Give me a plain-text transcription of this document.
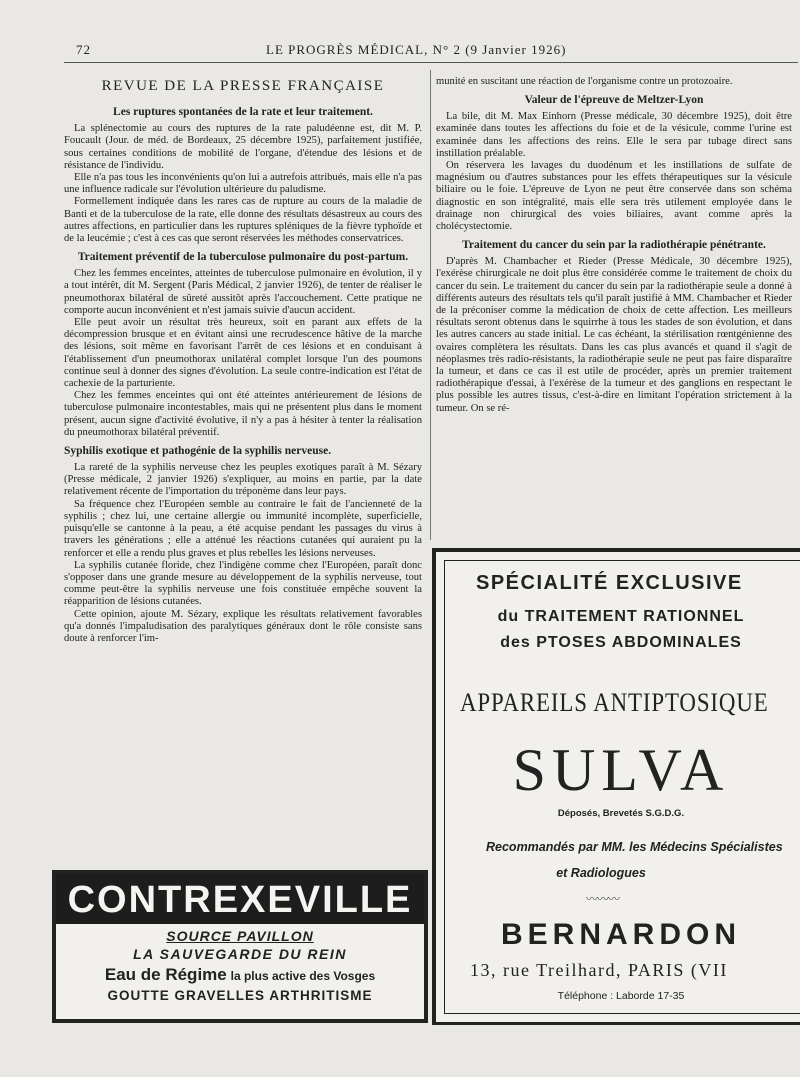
72	LE PROGRÈS MÉDICAL, N° 2 (9 Janvier 1926)
REVUE DE LA PRESSE FRANÇAISE
Les ruptures spontanées de la rate et leur traitement.

La splénectomie au cours des ruptures de la rate paludéenne est, dit M. P. Foucault (Jour. de méd. de Bordeaux, 25 décembre 1925), parfaitement justifiée, sous certaines conditions de mobilité de l'organe, d'étendue des lésions et de résistance de l'individu.

Elle n'a pas tous les inconvénients qu'on lui a autrefois attribués, mais elle n'a pas une influence radicale sur l'évolution ultérieure du paludisme.

Formellement indiquée dans les rares cas de rupture au cours de la maladie de Banti et de la tuberculose de la rate, elle donne des résultats désastreux au cours des autres affections, en particulier dans les ruptures spléniques de la fièvre typhoïde et de la leucémie ; c'est à ces cas que seront réservées les méthodes conservatrices.

Traitement préventif de la tuberculose pulmonaire du post-partum.

Chez les femmes enceintes, atteintes de tuberculose pulmonaire en évolution, il y a tout intérêt, dit M. Sergent (Paris Médical, 2 janvier 1926), de tenter de réaliser le pneumothorax bilatéral de sûreté aussitôt après l'accouchement. Cette pratique ne comporte aucun inconvénient et n'est jamais suivie d'aucun accident.

Elle peut avoir un résultat très heureux, soit en parant aux effets de la décompression brusque et en évitant ainsi une recrudescence hâtive de la marche des lésions, soit même en favorisant l'arrêt de ces lésions et en conduisant à l'établissement d'un pneumothorax unilatéral complet lorsque l'un des poumons continue seul à donner des signes d'évolution. La seule contre-indication est l'état de cachexie de la parturiente.

Chez les femmes enceintes qui ont été atteintes antérieurement de lésions de tuberculose pulmonaire incontestables, mais qui ne présentent plus dans le moment présent, aucun signe d'activité évolutive, il n'y a pas à hésiter à tenter la réalisation du pneumothorax bilatéral préventif.

Syphilis exotique et pathogénie de la syphilis nerveuse.

La rareté de la syphilis nerveuse chez les peuples exotiques paraît à M. Sézary (Presse médicale, 2 janvier 1926) s'expliquer, au moins en partie, par la date relativement récente de l'importation du tréponème dans leur pays.

Sa fréquence chez l'Européen semble au contraire le fait de l'ancienneté de la syphilis ; chez lui, une certaine allergie ou immunité incomplète, superficielle, puisqu'elle se cantonne à la peau, a été acquise pendant les passages du virus à travers les générations ; elle a atténué les réactions cutanées qui auraient pu la renforcer et elle a rendu plus graves et plus rebelles les lésions nerveuses.

La syphilis cutanée floride, chez l'indigène comme chez l'Européen, paraît donc s'opposer dans une grande mesure au développement de la syphilis nerveuse, tout comme peut-être la syphilis nerveuse une fois constituée empêche souvent la réapparition de lésions cutanées.

Cette opinion, ajoute M. Sézary, explique les résultats relativement favorables qu'a donnés l'impaludisation des paralytiques généraux dont le rôle consiste sans doute à renforcer l'im-

munité en suscitant une réaction de l'organisme contre un protozoaire.

Valeur de l'épreuve de Meltzer-Lyon

La bile, dit M. Max Einhorn (Presse médicale, 30 décembre 1925), doit être examinée dans toutes les affections du foie et de la vésicule, comme l'urine est examinée dans les affections des reins. Elle le sera par tubage direct sans instillation préalable.

On réservera les lavages du duodénum et les instillations de sulfate de magnésium ou d'autres substances pour les effets thérapeutiques sur la vésicule biliaire ou le foie. L'épreuve de Lyon ne peut être conservée dans son schéma diagnostic en son intégralité, mais elle sera très utilement employée dans le drainage non chirurgical des voies biliaires, avant comme après la cholécystectomie.

Traitement du cancer du sein par la radiothérapie pénétrante.

D'après M. Chambacher et Rieder (Presse Médicale, 30 décembre 1925), l'exérèse chirurgicale ne doit plus être considérée comme le traitement de choix du cancer du sein. Le traitement du cancer du sein par la radiothérapie seule a donné à différents auteurs des résultats tels qu'il paraît justifié à MM. Chambacher et Rieder de la préconiser comme la médication de choix de cette affection. Les meilleurs résultats seront obtenus dans le squirrhe à tous les stades de son évolution, et dans les autres cancers au stade initial. Le cas échéant, la stérilisation rœntgénienne des ovaires complètera les résultats. Dans les cas plus avancés et quand il s'agit de néoplasmes très radio-résistants, la radiothérapie seule ne peut pas faire disparaître la tumeur, et dans ce cas il est utile de procéder, après un premier traitement radiothérapique d'essai, à l'exérèse de la tumeur et des ganglions en respectant le plus possible les autres tissus, c'est-à-dire en limitant l'opération strictement à la tumeur. On se ré-

CONTREXEVILLE
SOURCE PAVILLON
LA SAUVEGARDE DU REIN
Eau de Régime la plus active des Vosges
GOUTTE GRAVELLES ARTHRITISME
SPÉCIALITÉ EXCLUSIVE
du TRAITEMENT RATIONNEL
des PTOSES ABDOMINALES
APPAREILS ANTIPTOSIQUE
SULVA
Déposés, Brevetés S.G.D.G.
Recommandés par MM. les Médecins Spécialistes
et Radiologues
〰〰〰
BERNARDON
13, rue Treilhard, PARIS (VII
Téléphone : Laborde 17-35
